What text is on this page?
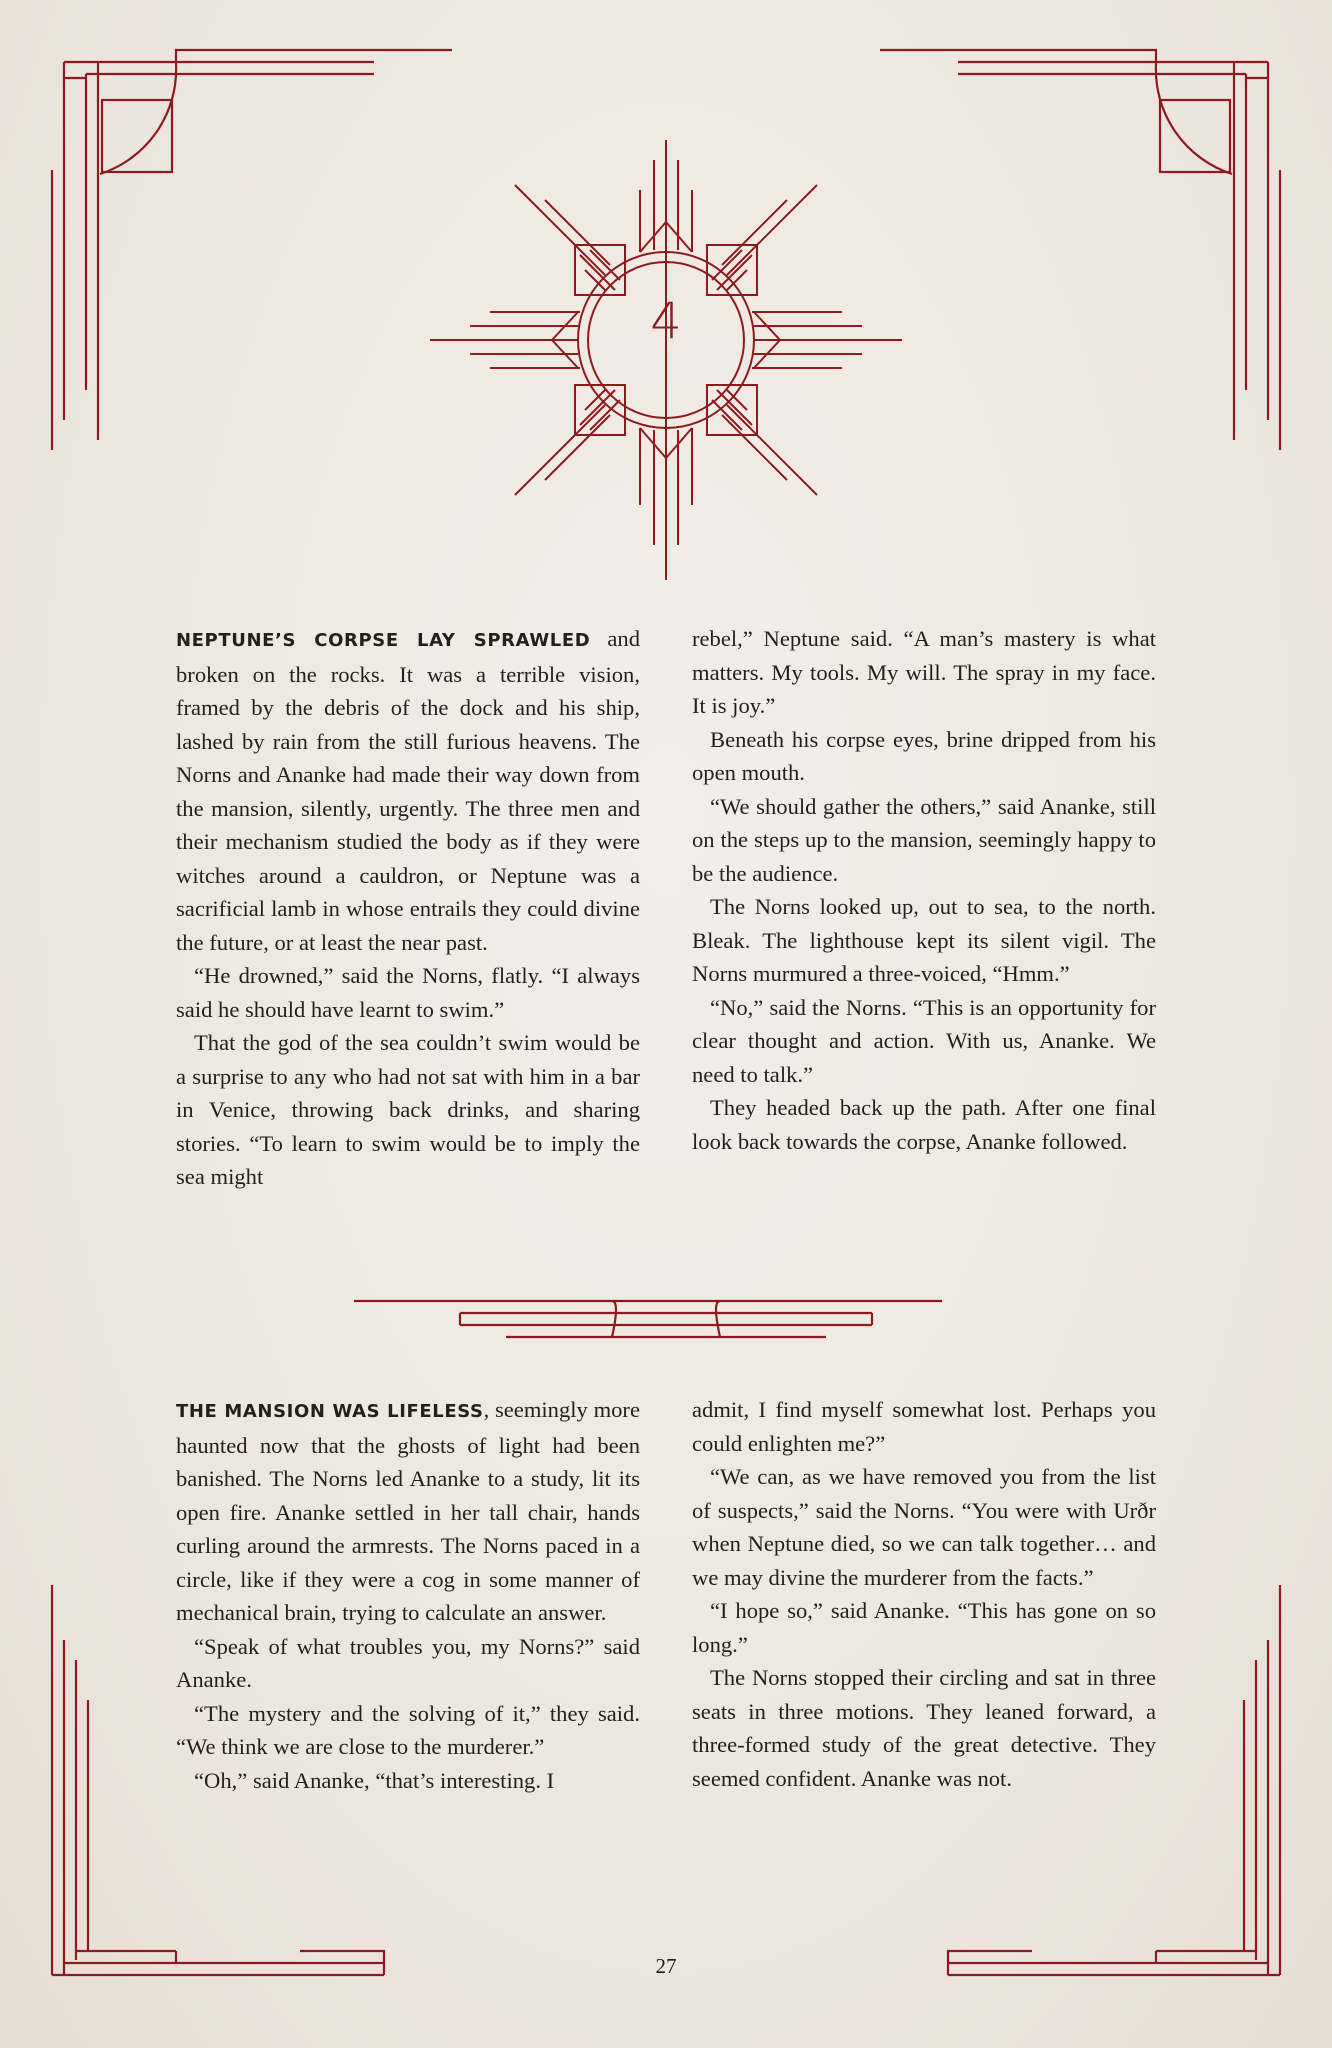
4

NEPTUNE’S CORPSE LAY SPRAWLED and broken on the rocks. It was a terrible vision, framed by the debris of the dock and his ship, lashed by rain from the still furious heavens. The Norns and Ananke had made their way down from the mansion, silently, urgently. The three men and their mechanism studied the body as if they were witches around a cauldron, or Neptune was a sacrificial lamb in whose entrails they could divine the future, or at least the near past.

“He drowned,” said the Norns, flatly. “I always said he should have learnt to swim.”

That the god of the sea couldn’t swim would be a surprise to any who had not sat with him in a bar in Venice, throwing back drinks, and sharing stories. “To learn to swim would be to imply the sea might

rebel,” Neptune said. “A man’s mastery is what matters. My tools. My will. The spray in my face. It is joy.”

Beneath his corpse eyes, brine dripped from his open mouth.

“We should gather the others,” said Ananke, still on the steps up to the mansion, seemingly happy to be the audience.

The Norns looked up, out to sea, to the north. Bleak. The lighthouse kept its silent vigil. The Norns murmured a three-voiced, “Hmm.”

“No,” said the Norns. “This is an opportunity for clear thought and action. With us, Ananke. We need to talk.”

They headed back up the path. After one final look back towards the corpse, Ananke followed.

THE MANSION WAS LIFELESS, seemingly more haunted now that the ghosts of light had been banished. The Norns led Ananke to a study, lit its open fire. Ananke settled in her tall chair, hands curling around the armrests. The Norns paced in a circle, like if they were a cog in some manner of mechanical brain, trying to calculate an answer.

“Speak of what troubles you, my Norns?” said Ananke.

“The mystery and the solving of it,” they said. “We think we are close to the murderer.”

“Oh,” said Ananke, “that’s interesting. I

admit, I find myself somewhat lost. Perhaps you could enlighten me?”

“We can, as we have removed you from the list of suspects,” said the Norns. “You were with Urðr when Neptune died, so we can talk together… and we may divine the murderer from the facts.”

“I hope so,” said Ananke. “This has gone on so long.”

The Norns stopped their circling and sat in three seats in three motions. They leaned forward, a three-formed study of the great detective. They seemed confident. Ananke was not.

27
